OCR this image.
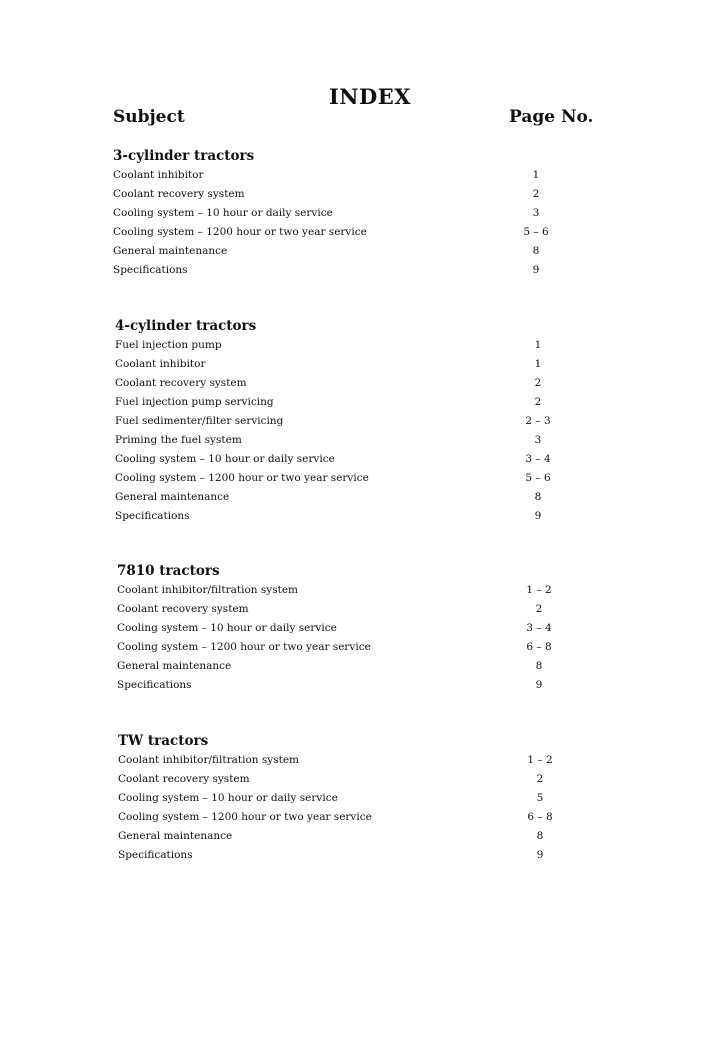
INDEX
Subject	Page No.
3-cylinder tractors
Coolant inhibitor	1
Coolant recovery system	2
Cooling system – 10 hour or daily service	3
Cooling system – 1200 hour or two year service	5 – 6
General maintenance	8
Specifications	9
4-cylinder tractors
Fuel injection pump	1
Coolant inhibitor	1
Coolant recovery system	2
Fuel injection pump servicing	2
Fuel sedimenter/filter servicing	2 – 3
Priming the fuel system	3
Cooling system – 10 hour or daily service	3 – 4
Cooling system – 1200 hour or two year service	5 – 6
General maintenance	8
Specifications	9
7810 tractors
Coolant inhibitor/filtration system	1 – 2
Coolant recovery system	2
Cooling system – 10 hour or daily service	3 – 4
Cooling system – 1200 hour or two year service	6 – 8
General maintenance	8
Specifications	9
TW tractors
Coolant inhibitor/filtration system	1 – 2
Coolant recovery system	2
Cooling system – 10 hour or daily service	5
Cooling system – 1200 hour or two year service	6 – 8
General maintenance	8
Specifications	9
